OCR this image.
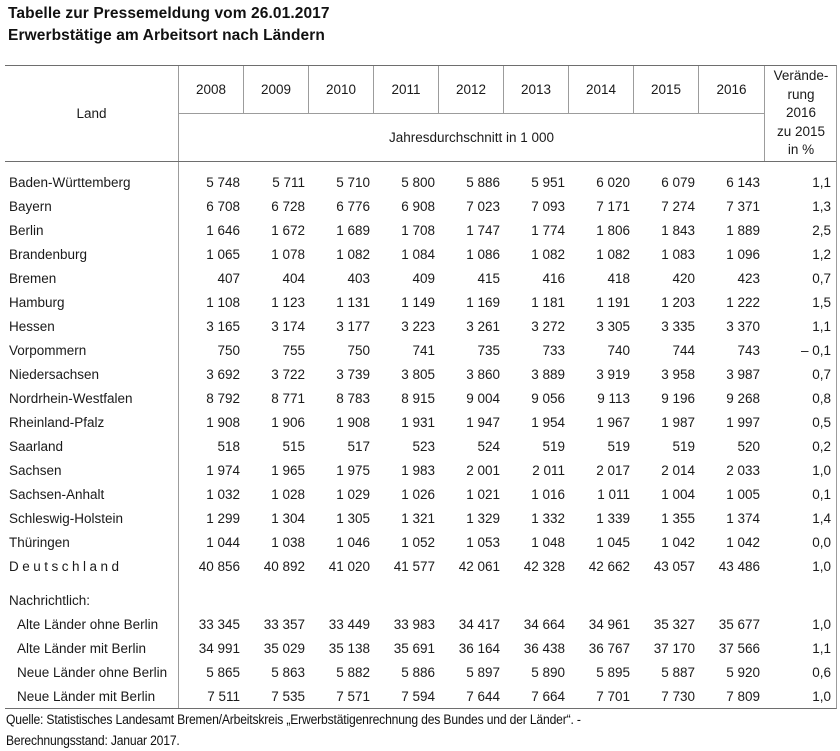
Tabelle zur Pressemeldung vom 26.01.2017
Erwerbstätige am Arbeitsort nach Ländern
Land
2008	2009	2010	2011	2012	2013	2014	2015	2016
Jahresdurchschnitt in 1 000
Verände-
rung
2016
zu 2015
in %
Baden-Württemberg	5 748	5 711	5 710	5 800	5 886	5 951	6 020	6 079	6 143	1,1
Bayern	6 708	6 728	6 776	6 908	7 023	7 093	7 171	7 274	7 371	1,3
Berlin	1 646	1 672	1 689	1 708	1 747	1 774	1 806	1 843	1 889	2,5
Brandenburg	1 065	1 078	1 082	1 084	1 086	1 082	1 082	1 083	1 096	1,2
Bremen	407	404	403	409	415	416	418	420	423	0,7
Hamburg	1 108	1 123	1 131	1 149	1 169	1 181	1 191	1 203	1 222	1,5
Hessen	3 165	3 174	3 177	3 223	3 261	3 272	3 305	3 335	3 370	1,1
Vorpommern	750	755	750	741	735	733	740	744	743	– 0,1
Niedersachsen	3 692	3 722	3 739	3 805	3 860	3 889	3 919	3 958	3 987	0,7
Nordrhein-Westfalen	8 792	8 771	8 783	8 915	9 004	9 056	9 113	9 196	9 268	0,8
Rheinland-Pfalz	1 908	1 906	1 908	1 931	1 947	1 954	1 967	1 987	1 997	0,5
Saarland	518	515	517	523	524	519	519	519	520	0,2
Sachsen	1 974	1 965	1 975	1 983	2 001	2 011	2 017	2 014	2 033	1,0
Sachsen-Anhalt	1 032	1 028	1 029	1 026	1 021	1 016	1 011	1 004	1 005	0,1
Schleswig-Holstein	1 299	1 304	1 305	1 321	1 329	1 332	1 339	1 355	1 374	1,4
Thüringen	1 044	1 038	1 046	1 052	1 053	1 048	1 045	1 042	1 042	0,0
Deutschland	40 856	40 892	41 020	41 577	42 061	42 328	42 662	43 057	43 486	1,0
Nachrichtlich:
Alte Länder ohne Berlin	33 345	33 357	33 449	33 983	34 417	34 664	34 961	35 327	35 677	1,0
Alte Länder mit Berlin	34 991	35 029	35 138	35 691	36 164	36 438	36 767	37 170	37 566	1,1
Neue Länder ohne Berlin	5 865	5 863	5 882	5 886	5 897	5 890	5 895	5 887	5 920	0,6
Neue Länder mit Berlin	7 511	7 535	7 571	7 594	7 644	7 664	7 701	7 730	7 809	1,0
Quelle: Statistisches Landesamt Bremen/Arbeitskreis „Erwerbstätigenrechnung des Bundes und der Länder“. -
Berechnungsstand: Januar 2017.
